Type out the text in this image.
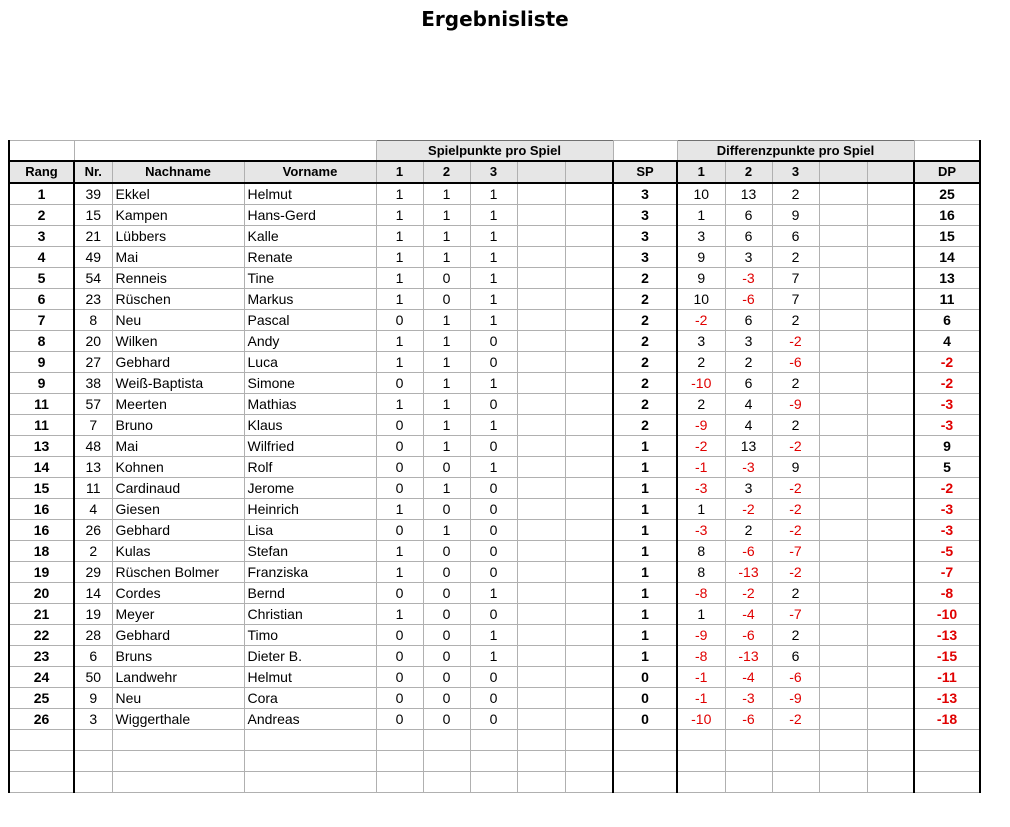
Ergebnisliste
				Spielpunkte pro Spiel						Differenzpunkte pro Spiel					
Rang	Nr.	Nachname	Vorname	1	2	3			SP	1	2	3			DP
1	39	Ekkel	Helmut	1	1	1			3	10	13	2			25
2	15	Kampen	Hans-Gerd	1	1	1			3	1	6	9			16
3	21	Lübbers	Kalle	1	1	1			3	3	6	6			15
4	49	Mai	Renate	1	1	1			3	9	3	2			14
5	54	Renneis	Tine	1	0	1			2	9	-3	7			13
6	23	Rüschen	Markus	1	0	1			2	10	-6	7			11
7	8	Neu	Pascal	0	1	1			2	-2	6	2			6
8	20	Wilken	Andy	1	1	0			2	3	3	-2			4
9	27	Gebhard	Luca	1	1	0			2	2	2	-6			-2
9	38	Weiß-Baptista	Simone	0	1	1			2	-10	6	2			-2
11	57	Meerten	Mathias	1	1	0			2	2	4	-9			-3
11	7	Bruno	Klaus	0	1	1			2	-9	4	2			-3
13	48	Mai	Wilfried	0	1	0			1	-2	13	-2			9
14	13	Kohnen	Rolf	0	0	1			1	-1	-3	9			5
15	11	Cardinaud	Jerome	0	1	0			1	-3	3	-2			-2
16	4	Giesen	Heinrich	1	0	0			1	1	-2	-2			-3
16	26	Gebhard	Lisa	0	1	0			1	-3	2	-2			-3
18	2	Kulas	Stefan	1	0	0			1	8	-6	-7			-5
19	29	Rüschen Bolmer	Franziska	1	0	0			1	8	-13	-2			-7
20	14	Cordes	Bernd	0	0	1			1	-8	-2	2			-8
21	19	Meyer	Christian	1	0	0			1	1	-4	-7			-10
22	28	Gebhard	Timo	0	0	1			1	-9	-6	2			-13
23	6	Bruns	Dieter B.	0	0	1			1	-8	-13	6			-15
24	50	Landwehr	Helmut	0	0	0			0	-1	-4	-6			-11
25	9	Neu	Cora	0	0	0			0	-1	-3	-9			-13
26	3	Wiggerthale	Andreas	0	0	0			0	-10	-6	-2			-18
